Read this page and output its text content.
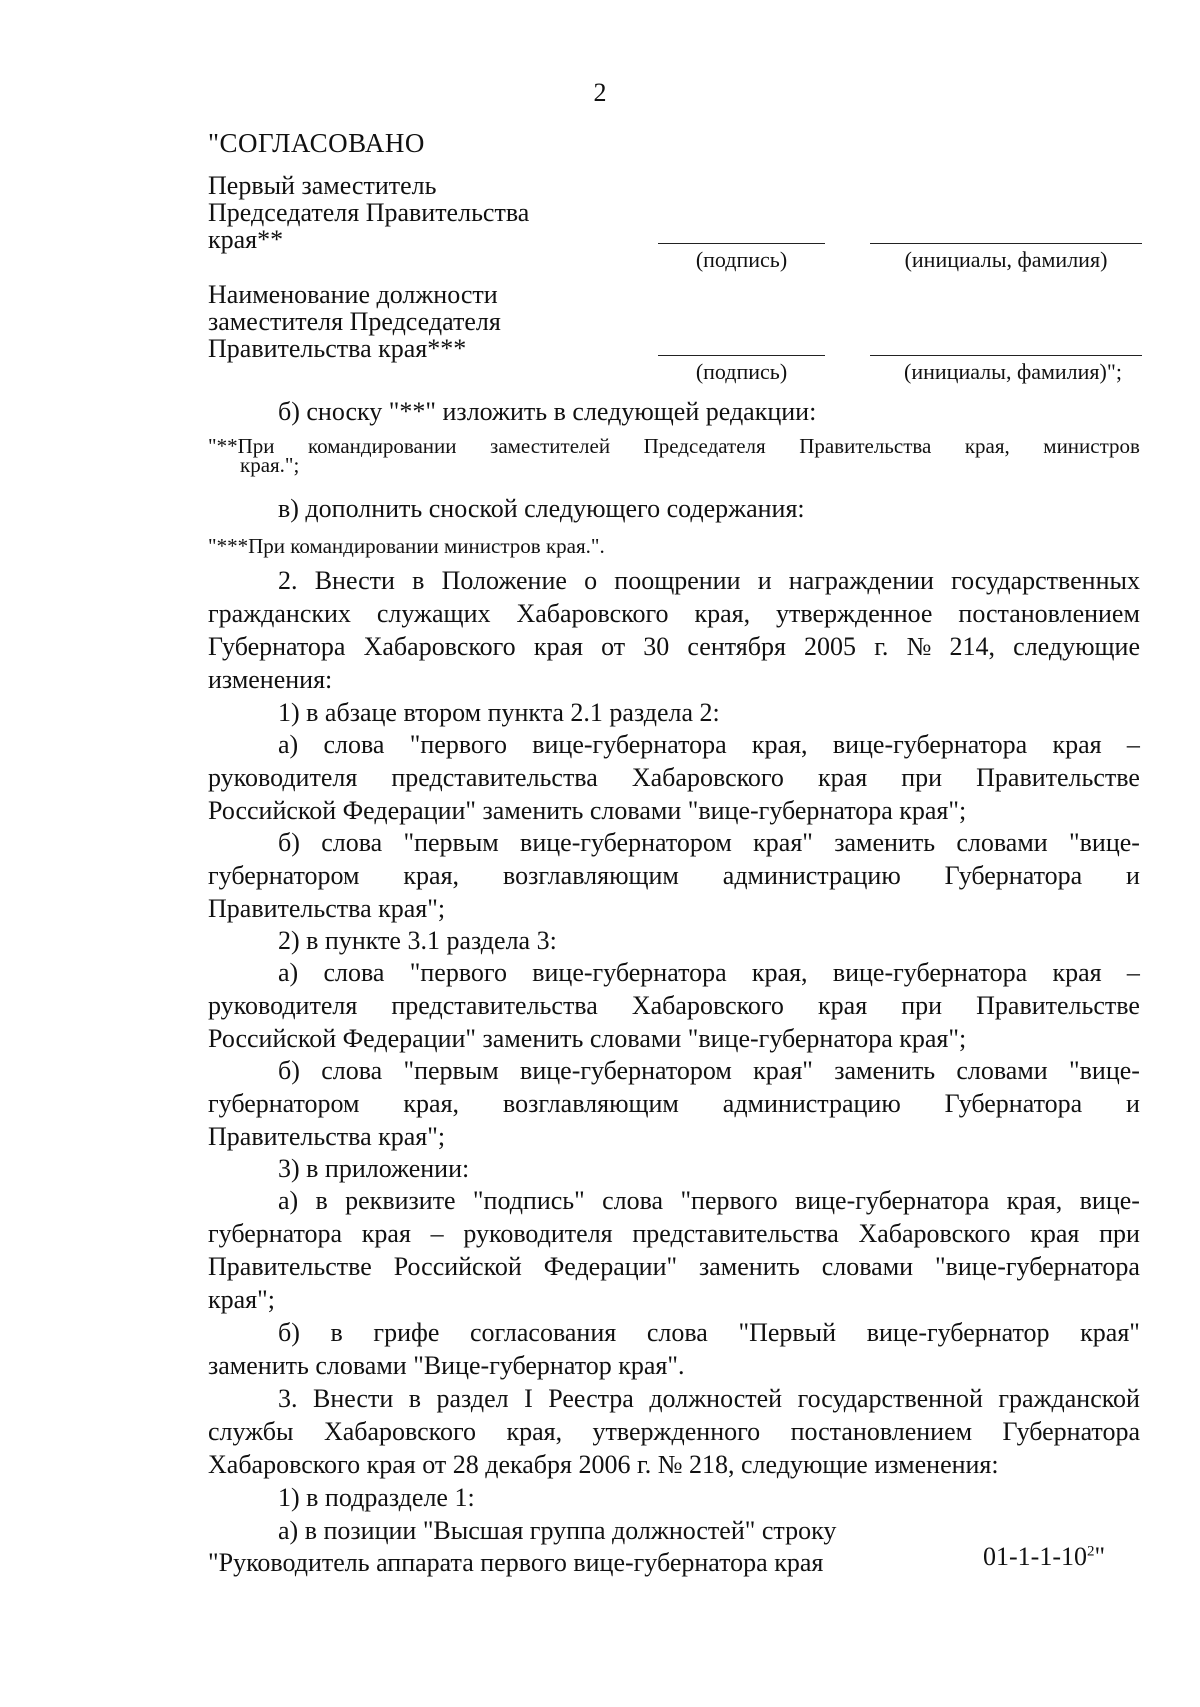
2
"СОГЛАСОВАНО
Первый заместитель
Председателя Правительства
края**
(подпись)	(инициалы, фамилия)
Наименование должности
заместителя Председателя
Правительства края***
(подпись)	(инициалы, фамилия)";
б) сноску "**" изложить в следующей редакции:
"**При командировании заместителей Председателя Правительства края, министров
края.";
в) дополнить сноской следующего содержания:
"***При командировании министров края.".
2. Внести в Положение о поощрении и награждении государственных
гражданских служащих Хабаровского края, утвержденное постановлением
Губернатора Хабаровского края от 30 сентября 2005 г. № 214, следующие
изменения:
1) в абзаце втором пункта 2.1 раздела 2:
а) слова "первого вице-губернатора края, вице-губернатора края –
руководителя представительства Хабаровского края при Правительстве
Российской Федерации" заменить словами "вице-губернатора края";
б) слова "первым вице-губернатором края" заменить словами "вице-
губернатором края, возглавляющим администрацию Губернатора и
Правительства края";
2) в пункте 3.1 раздела 3:
а) слова "первого вице-губернатора края, вице-губернатора края –
руководителя представительства Хабаровского края при Правительстве
Российской Федерации" заменить словами "вице-губернатора края";
б) слова "первым вице-губернатором края" заменить словами "вице-
губернатором края, возглавляющим администрацию Губернатора и
Правительства края";
3) в приложении:
а) в реквизите "подпись" слова "первого вице-губернатора края, вице-
губернатора края – руководителя представительства Хабаровского края при
Правительстве Российской Федерации" заменить словами "вице-губернатора
края";
б) в грифе согласования слова "Первый вице-губернатор края"
заменить словами "Вице-губернатор края".
3. Внести в раздел I Реестра должностей государственной гражданской
службы Хабаровского края, утвержденного постановлением Губернатора
Хабаровского края от 28 декабря 2006 г. № 218, следующие изменения:
1) в подразделе 1:
а) в позиции "Высшая группа должностей" строку
"Руководитель аппарата первого вице-губернатора края	$01-1-1-10^2$"
